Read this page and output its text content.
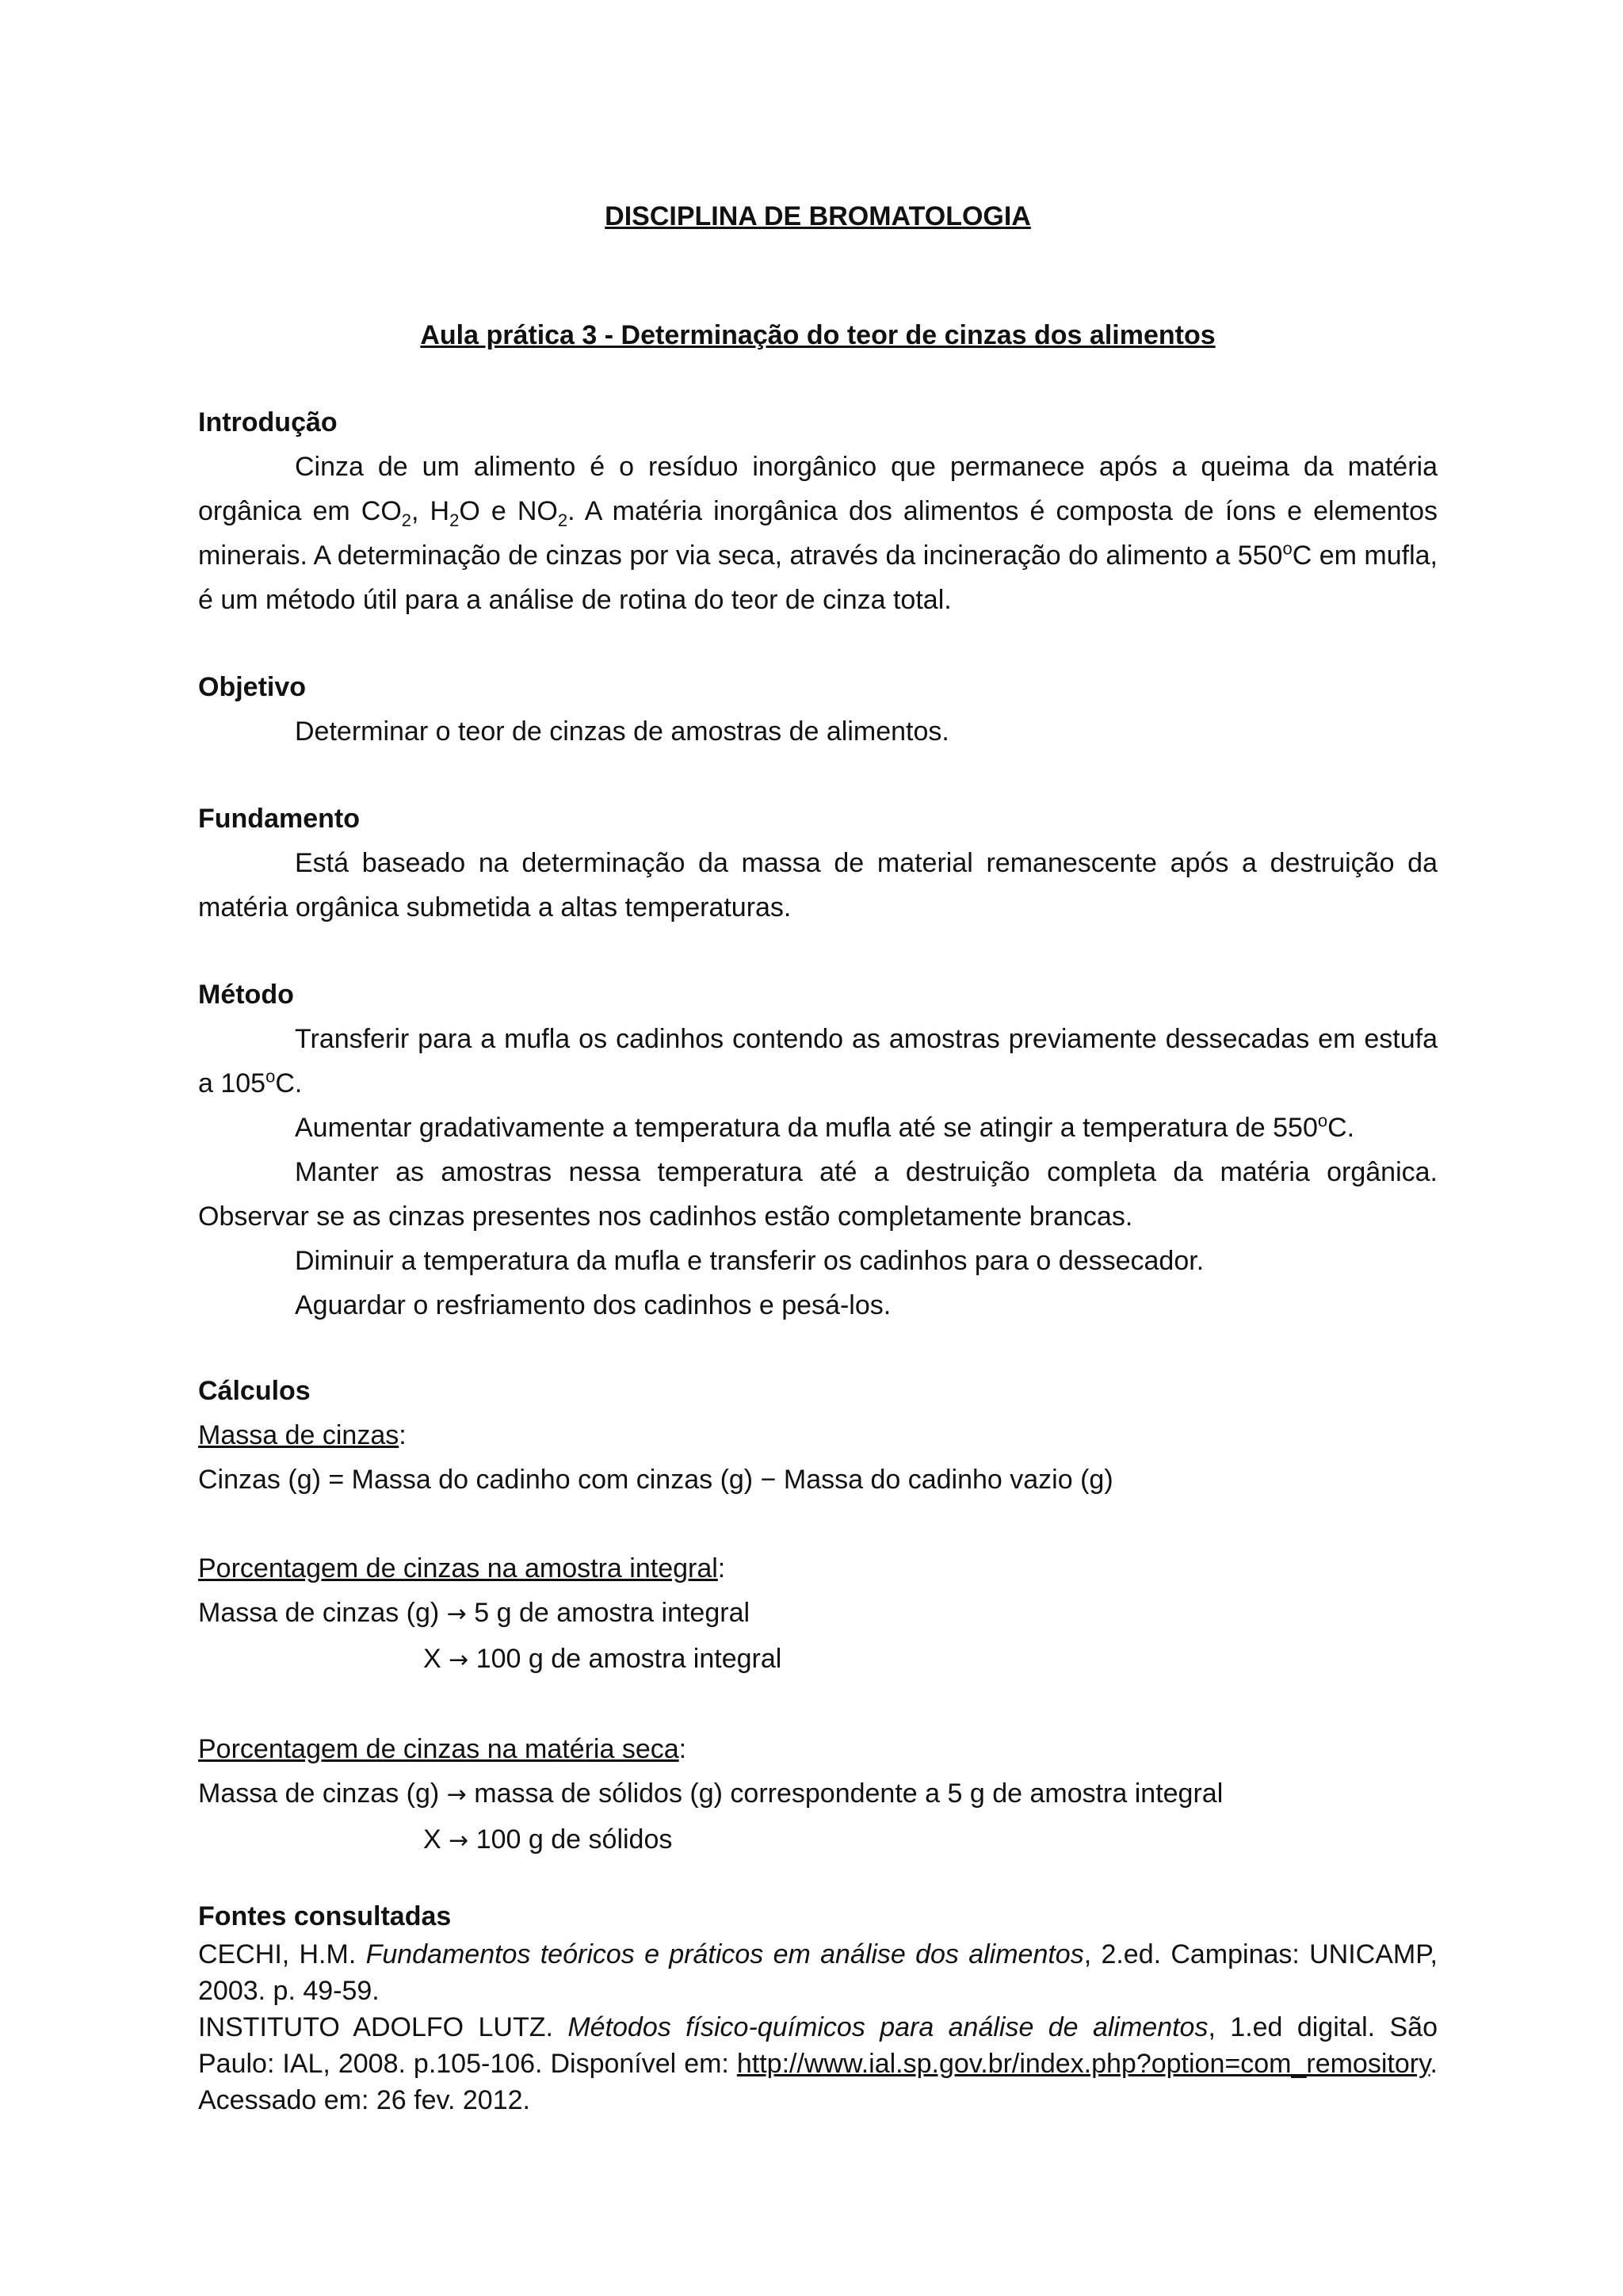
DISCIPLINA DE BROMATOLOGIA
Aula prática 3 - Determinação do teor de cinzas dos alimentos
Introdução
Cinza de um alimento é o resíduo inorgânico que permanece após a queima da matéria orgânica em $CO_2$, $H_2O$ e $NO_2$. A matéria inorgânica dos alimentos é composta de íons e elementos minerais. A determinação de cinzas por via seca, através da incineração do alimento a 550$^o$C em mufla, é um método útil para a análise de rotina do teor de cinza total.
Objetivo
Determinar o teor de cinzas de amostras de alimentos.
Fundamento
Está baseado na determinação da massa de material remanescente após a destruição da matéria orgânica submetida a altas temperaturas.
Método
Transferir para a mufla os cadinhos contendo as amostras previamente dessecadas em estufa a 105$^o$C.
Aumentar gradativamente a temperatura da mufla até se atingir a temperatura de 550$^o$C.
Manter as amostras nessa temperatura até a destruição completa da matéria orgânica. Observar se as cinzas presentes nos cadinhos estão completamente brancas.
Diminuir a temperatura da mufla e transferir os cadinhos para o dessecador.
Aguardar o resfriamento dos cadinhos e pesá-los.
Cálculos
Massa de cinzas:
Cinzas (g) = Massa do cadinho com cinzas (g) − Massa do cadinho vazio (g)
Porcentagem de cinzas na amostra integral:
Massa de cinzas (g) → 5 g de amostra integral
X → 100 g de amostra integral
Porcentagem de cinzas na matéria seca:
Massa de cinzas (g) → massa de sólidos (g) correspondente a 5 g de amostra integral
X → 100 g de sólidos
Fontes consultadas
CECHI, H.M. Fundamentos teóricos e práticos em análise dos alimentos, 2.ed. Campinas: UNICAMP, 2003. p. 49-59.
INSTITUTO ADOLFO LUTZ. Métodos físico-químicos para análise de alimentos, 1.ed digital. São Paulo: IAL, 2008. p.105-106. Disponível em: http://www.ial.sp.gov.br/index.php?option=com_remository. Acessado em: 26 fev. 2012.
